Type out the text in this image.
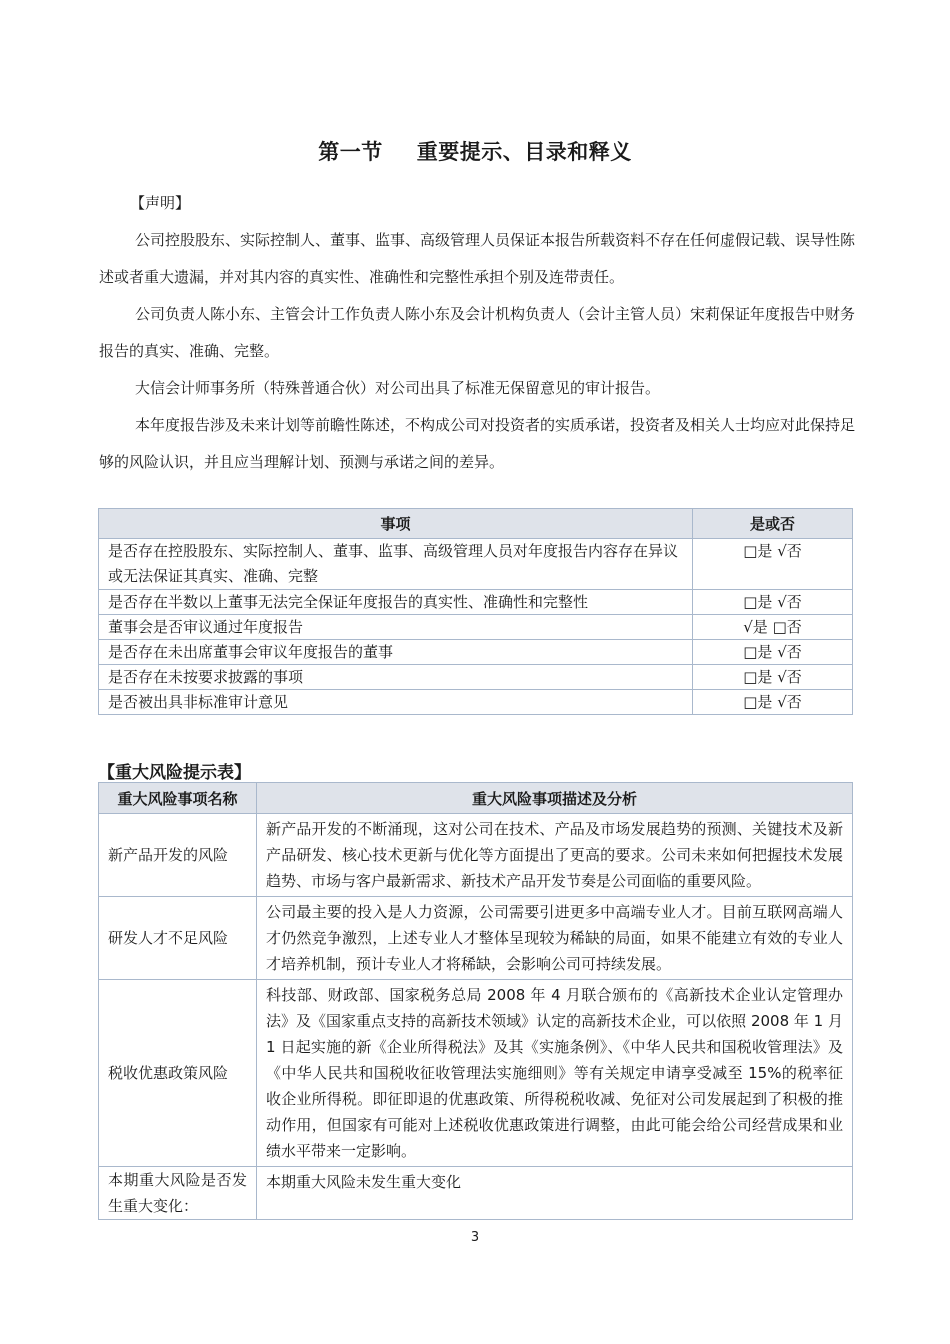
第一节 重要提示、目录和释义
【声明】
公司控股股东、实际控制人、董事、监事、高级管理人员保证本报告所载资料不存在任何虚假记载、误导性陈述或者重大遗漏，并对其内容的真实性、准确性和完整性承担个别及连带责任。
公司负责人陈小东、主管会计工作负责人陈小东及会计机构负责人（会计主管人员）宋莉保证年度报告中财务报告的真实、准确、完整。
大信会计师事务所（特殊普通合伙）对公司出具了标准无保留意见的审计报告。
本年度报告涉及未来计划等前瞻性陈述，不构成公司对投资者的实质承诺，投资者及相关人士均应对此保持足够的风险认识，并且应当理解计划、预测与承诺之间的差异。
事项	是或否
是否存在控股股东、实际控制人、董事、监事、高级管理人员对年度报告内容存在异议或无法保证其真实、准确、完整	□是 √否
是否存在半数以上董事无法完全保证年度报告的真实性、准确性和完整性	□是 √否
董事会是否审议通过年度报告	√是 □否
是否存在未出席董事会审议年度报告的董事	□是 √否
是否存在未按要求披露的事项	□是 √否
是否被出具非标准审计意见	□是 √否
【重大风险提示表】
重大风险事项名称	重大风险事项描述及分析
新产品开发的风险	新产品开发的不断涌现，这对公司在技术、产品及市场发展趋势的预测、关键技术及新产品研发、核心技术更新与优化等方面提出了更高的要求。公司未来如何把握技术发展趋势、市场与客户最新需求、新技术产品开发节奏是公司面临的重要风险。
研发人才不足风险	公司最主要的投入是人力资源，公司需要引进更多中高端专业人才。目前互联网高端人才仍然竞争激烈，上述专业人才整体呈现较为稀缺的局面，如果不能建立有效的专业人才培养机制，预计专业人才将稀缺，会影响公司可持续发展。
税收优惠政策风险	科技部、财政部、国家税务总局 2008 年 4 月联合颁布的《高新技术企业认定管理办法》及《国家重点支持的高新技术领域》认定的高新技术企业，可以依照 2008 年 1 月 1 日起实施的新《企业所得税法》及其《实施条例》、《中华人民共和国税收管理法》及《中华人民共和国税收征收管理法实施细则》等有关规定申请享受减至 15%的税率征收企业所得税。即征即退的优惠政策、所得税税收减、免征对公司发展起到了积极的推动作用，但国家有可能对上述税收优惠政策进行调整，由此可能会给公司经营成果和业绩水平带来一定影响。
本期重大风险是否发生重大变化：	本期重大风险未发生重大变化
3
